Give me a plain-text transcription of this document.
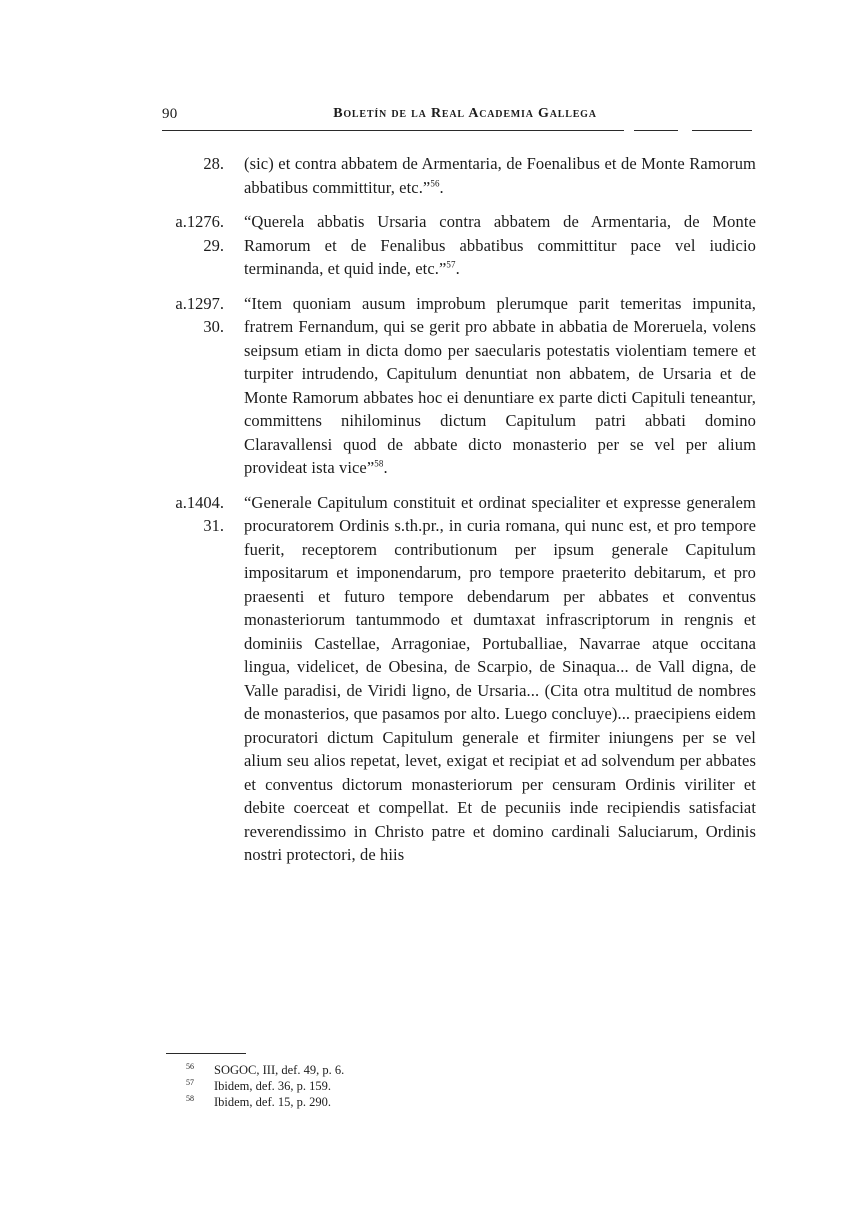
90	Boletín de la Real Academia Gallega
28. (sic) et contra abbatem de Armentaria, de Foenalibus et de Monte Ramorum abbatibus committitur, etc.”$^{56}$.
a.1276.
29.
“Querela abbatis Ursaria contra abbatem de Armentaria, de Monte Ramorum et de Fenalibus abbatibus committitur pace vel iudicio terminanda, et quid inde, etc.”$^{57}$.
a.1297.
30.
“Item quoniam ausum improbum plerumque parit temeritas impunita, fratrem Fernandum, qui se gerit pro abbate in abbatia de Moreruela, volens seipsum etiam in dicta domo per saecularis potestatis violentiam temere et turpiter intrudendo, Capitulum denuntiat non abbatem, de Ursaria et de Monte Ramorum abbates hoc ei denuntiare ex parte dicti Capituli teneantur, committens nihilominus dictum Capitulum patri abbati domino Claravallensi quod de abbate dicto monasterio per se vel per alium provideat ista vice”$^{58}$.
a.1404.
31.
“Generale Capitulum constituit et ordinat specialiter et expresse generalem procuratorem Ordinis s.th.pr., in curia romana, qui nunc est, et pro tempore fuerit, receptorem contributionum per ipsum generale Capitulum impositarum et imponendarum, pro tempore praeterito debitarum, et pro praesenti et futuro tempore debendarum per abbates et conventus monasteriorum tantummodo et dumtaxat infrascriptorum in rengnis et dominiis Castellae, Arragoniae, Portuballiae, Navarrae atque occitana lingua, videlicet, de Obesina, de Scarpio, de Sinaqua... de Vall digna, de Valle paradisi, de Viridi ligno, de Ursaria... (Cita otra multitud de nombres de monasterios, que pasamos por alto. Luego concluye)... praecipiens eidem procuratori dictum Capitulum generale et firmiter iniungens per se vel alium seu alios repetat, levet, exigat et recipiat et ad solvendum per abbates et conventus dictorum monasteriorum per censuram Ordinis viriliter et debite coerceat et compellat. Et de pecuniis inde recipiendis satisfaciat reverendissimo in Christo patre et domino cardinali Saluciarum, Ordinis nostri protectori, de hiis
56 SOGOC, III, def. 49, p. 6.
57 Ibidem, def. 36, p. 159.
58 Ibidem, def. 15, p. 290.
